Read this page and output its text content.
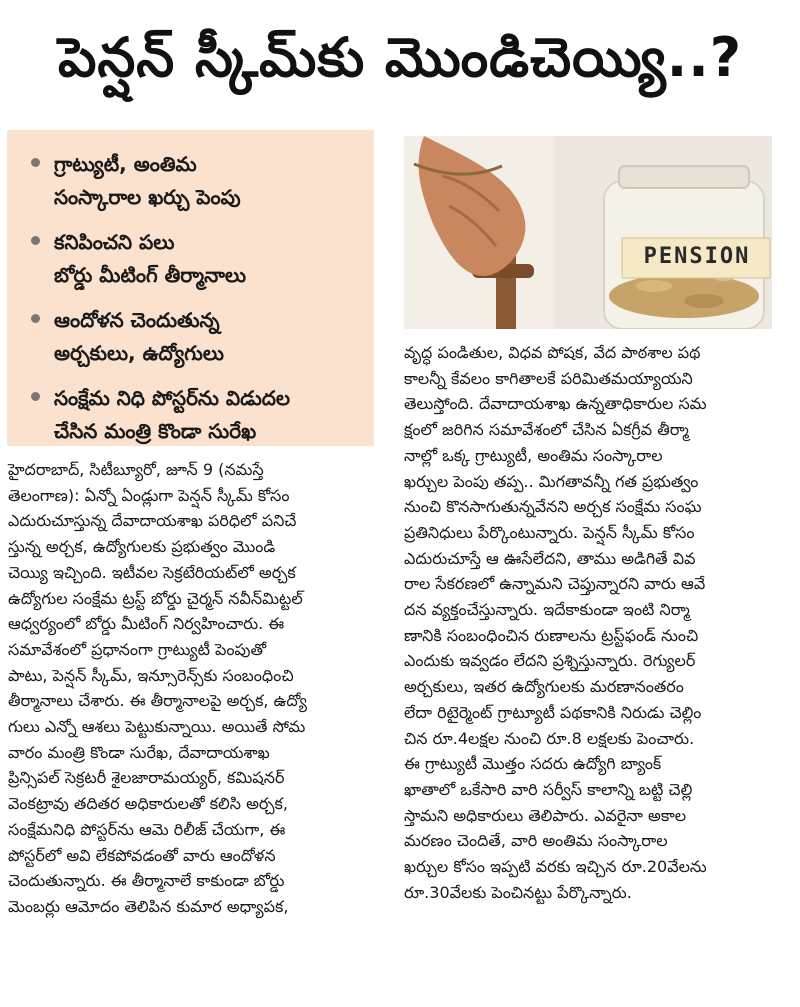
పెన్షన్‌ స్కీమ్‌కు మొండిచెయ్యి..?
గ్రాట్యుటీ, అంతిమ
సంస్కారాల ఖర్చు పెంపు
కనిపించని పలు
బోర్డు మీటింగ్‌ తీర్మానాలు
ఆందోళన చెందుతున్న
అర్చకులు, ఉద్యోగులు
సంక్షేమ నిధి పోస్టర్‌ను విడుదల
చేసిన మంత్రి కొండా సురేఖ
PENSION
హైదరాబాద్‌, సిటీబ్యూరో, జూన్‌ 9 (నమస్తే
తెలంగాణ): ఏన్నో ఏండ్లుగా పెన్షన్‌ స్కీమ్‌ కోసం
ఎదురుచూస్తున్న దేవాదాయశాఖ పరిధిలో పనిచే
స్తున్న అర్చక, ఉద్యోగులకు ప్రభుత్వం మొండి
చెయ్యి ఇచ్చింది. ఇటీవల సెక్రటేరియట్‌లో అర్చక
ఉద్యోగుల సంక్షేమ ట్రస్ట్‌ బోర్డు చైర్మన్‌ నవీన్‌మిట్టల్‌
ఆధ్వర్యంలో బోర్డు మీటింగ్‌ నిర్వహించారు. ఈ
సమావేశంలో ప్రధానంగా గ్రాట్యుటీ పెంపుతో
పాటు, పెన్షన్‌ స్కీమ్‌, ఇన్సూరెన్స్‌కు సంబంధించి
తీర్మానాలు చేశారు. ఈ తీర్మానాలపై అర్చక, ఉద్యో
గులు ఎన్నో ఆశలు పెట్టుకున్నాయి. అయితే సోమ
వారం మంత్రి కొండా సురేఖ, దేవాదాయశాఖ
ప్రిన్సిపల్‌ సెక్రటరీ శైలజారామయ్యర్‌, కమిషనర్‌
వెంకట్రావు తదితర అధికారులతో కలిసి అర్చక,
సంక్షేమనిధి పోస్టర్‌ను ఆమె రిలీజ్‌ చేయగా, ఈ
పోస్టర్‌లో అవి లేకపోవడంతో వారు ఆందోళన
చెందుతున్నారు. ఈ తీర్మానాలే కాకుండా బోర్డు
మెంబర్లు ఆమోదం తెలిపిన కుమార అధ్యాపక,
వృద్ధ పండితుల, విధవ పోషక, వేద పాఠశాల పథ
కాలన్నీ కేవలం కాగితాలకే పరిమితమయ్యాయని
తెలుస్తోంది. దేవాదాయశాఖ ఉన్నతాధికారుల సమ
క్షంలో జరిగిన సమావేశంలో చేసిన ఏకగ్రీవ తీర్మా
నాల్లో ఒక్క గ్రాట్యుటీ, అంతిమ సంస్కారాల
ఖర్చుల పెంపు తప్ప.. మిగతావన్నీ గత ప్రభుత్వం
నుంచి కొనసాగుతున్నవేనని అర్చక సంక్షేమ సంఘ
ప్రతినిధులు పేర్కొంటున్నారు. పెన్షన్‌ స్కీమ్‌ కోసం
ఎదురుచూస్తే ఆ ఊసేలేదని, తాము అడిగితే వివ
రాల సేకరణలో ఉన్నామని చెప్తున్నారని వారు ఆవే
దన వ్యక్తంచేస్తున్నారు. ఇదేకాకుండా ఇంటి నిర్మా
ణానికి సంబంధించిన రుణాలను ట్రస్ట్‌ఫండ్‌ నుంచి
ఎందుకు ఇవ్వడం లేదని ప్రశ్నిస్తున్నారు. రెగ్యులర్‌
అర్చకులు, ఇతర ఉద్యోగులకు మరణానంతరం
లేదా రిటైర్మెంట్‌ గ్రాట్యూటీ పథకానికి నిరుడు చెల్లిం
చిన రూ.4లక్షల నుంచి రూ.8 లక్షలకు పెంచారు.
ఈ గ్రాట్యుటీ మొత్తం సదరు ఉద్యోగి బ్యాంక్‌
ఖాతాలో ఒకేసారి వారి సర్వీస్‌ కాలాన్ని బట్టి చెల్లి
స్తామని అధికారులు తెలిపారు. ఎవరైనా అకాల
మరణం చెందితే, వారి అంతిమ సంస్కారాల
ఖర్చుల కోసం ఇప్పటి వరకు ఇచ్చిన రూ.20వేలను
రూ.30వేలకు పెంచినట్టు పేర్కొన్నారు.
